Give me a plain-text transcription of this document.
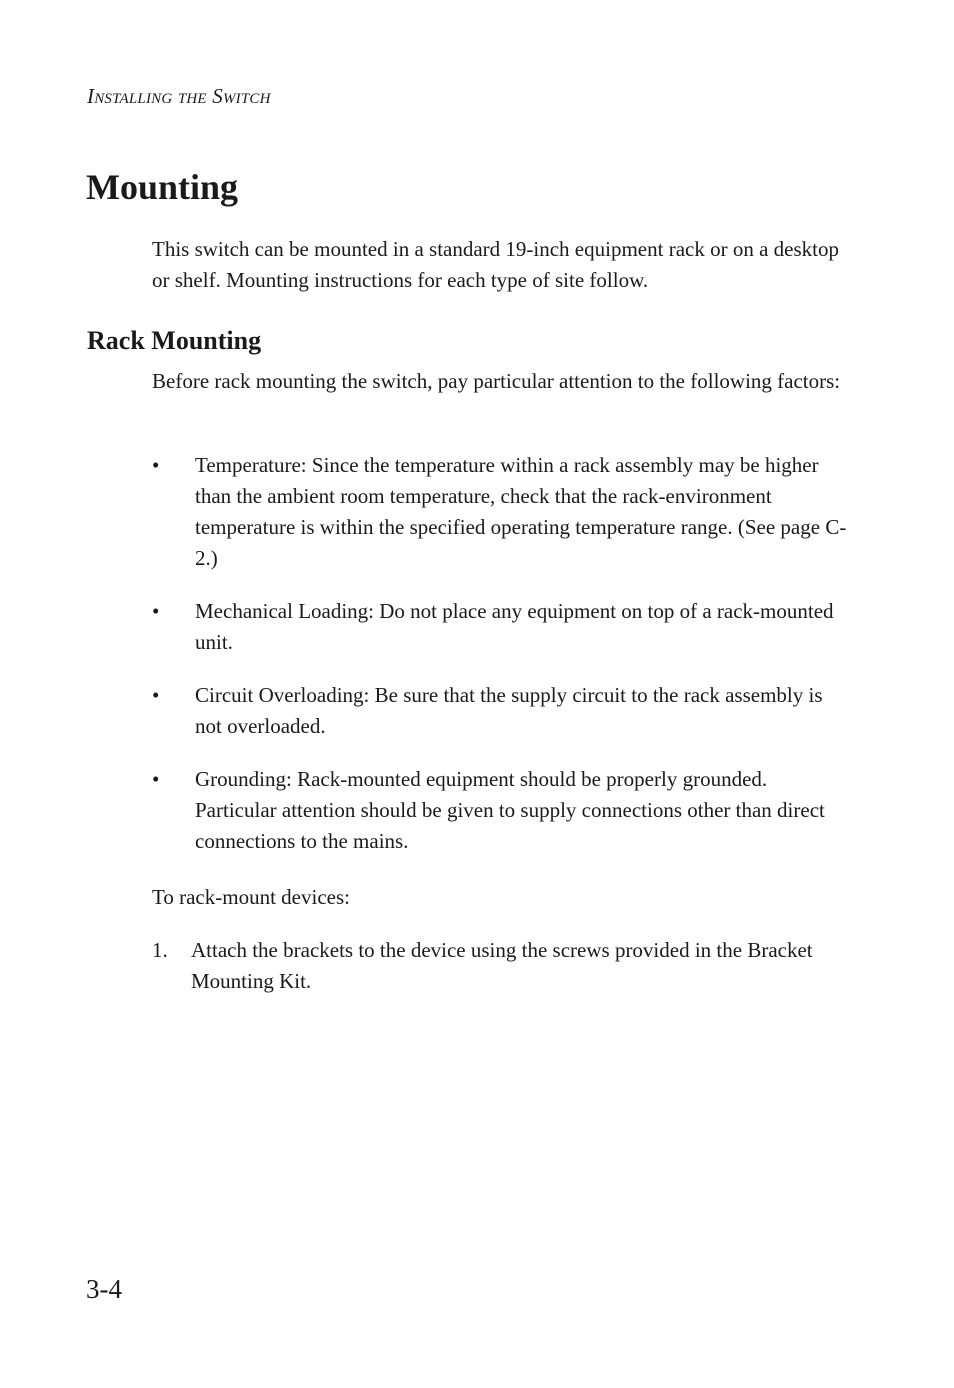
Installing the Switch
Mounting

This switch can be mounted in a standard 19-inch equipment rack or on a desktop or shelf. Mounting instructions for each type of site follow.

Rack Mounting

Before rack mounting the switch, pay particular attention to the following factors:

• Temperature: Since the temperature within a rack assembly may be higher than the ambient room temperature, check that the rack-environment temperature is within the specified operating temperature range. (See page C-2.)
• Mechanical Loading: Do not place any equipment on top of a rack-mounted unit.
• Circuit Overloading: Be sure that the supply circuit to the rack assembly is not overloaded.
• Grounding: Rack-mounted equipment should be properly grounded. Particular attention should be given to supply connections other than direct connections to the mains.

To rack-mount devices:

1. Attach the brackets to the device using the screws provided in the Bracket Mounting Kit.
3-4
